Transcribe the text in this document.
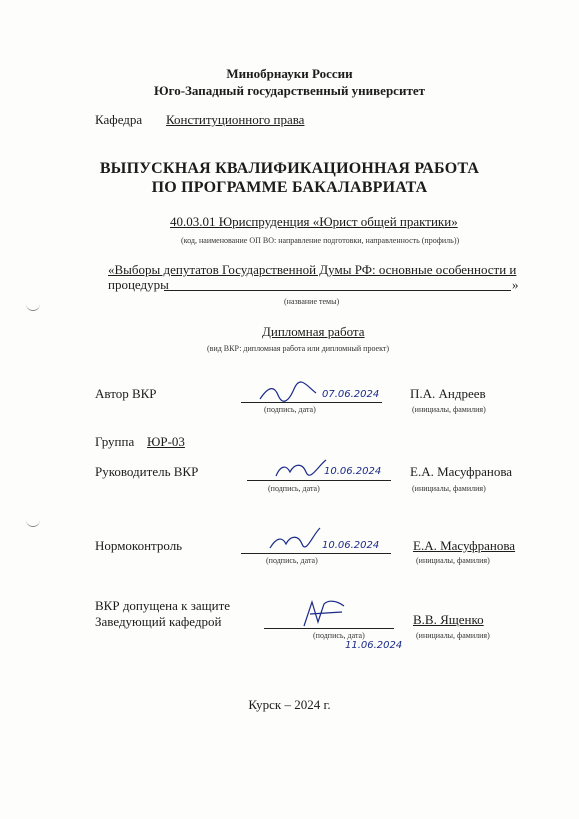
Минобрнауки России
Юго-Западный государственный университет
Кафедра Конституционного права
ВЫПУСКНАЯ КВАЛИФИКАЦИОННАЯ РАБОТА
ПО ПРОГРАММЕ БАКАЛАВРИАТА
40.03.01 Юриспруденция «Юрист общей практики»
(код, наименование ОП ВО: направление подготовки, направленность (профиль))
«Выборы депутатов Государственной Думы РФ: основные особенности и
процедуры	»
(название темы)
Дипломная работа
(вид ВКР: дипломная работа или дипломный проект)
Автор ВКР	07.06.2024 П.А. Андреев
(подпись, дата)	(инициалы, фамилия)
Группа ЮР-03
Руководитель ВКР	10.06.2024 Е.А. Масуфранова
(подпись, дата)	(инициалы, фамилия)
Нормоконтроль	10.06.2024	Е.А. Масуфранова
(подпись, дата)	(инициалы, фамилия)
ВКР допущена к защите
Заведующий кафедрой
11.06.2024
В.В. Ященко
(подпись, дата)	(инициалы, фамилия)
Курск – 2024 г.
